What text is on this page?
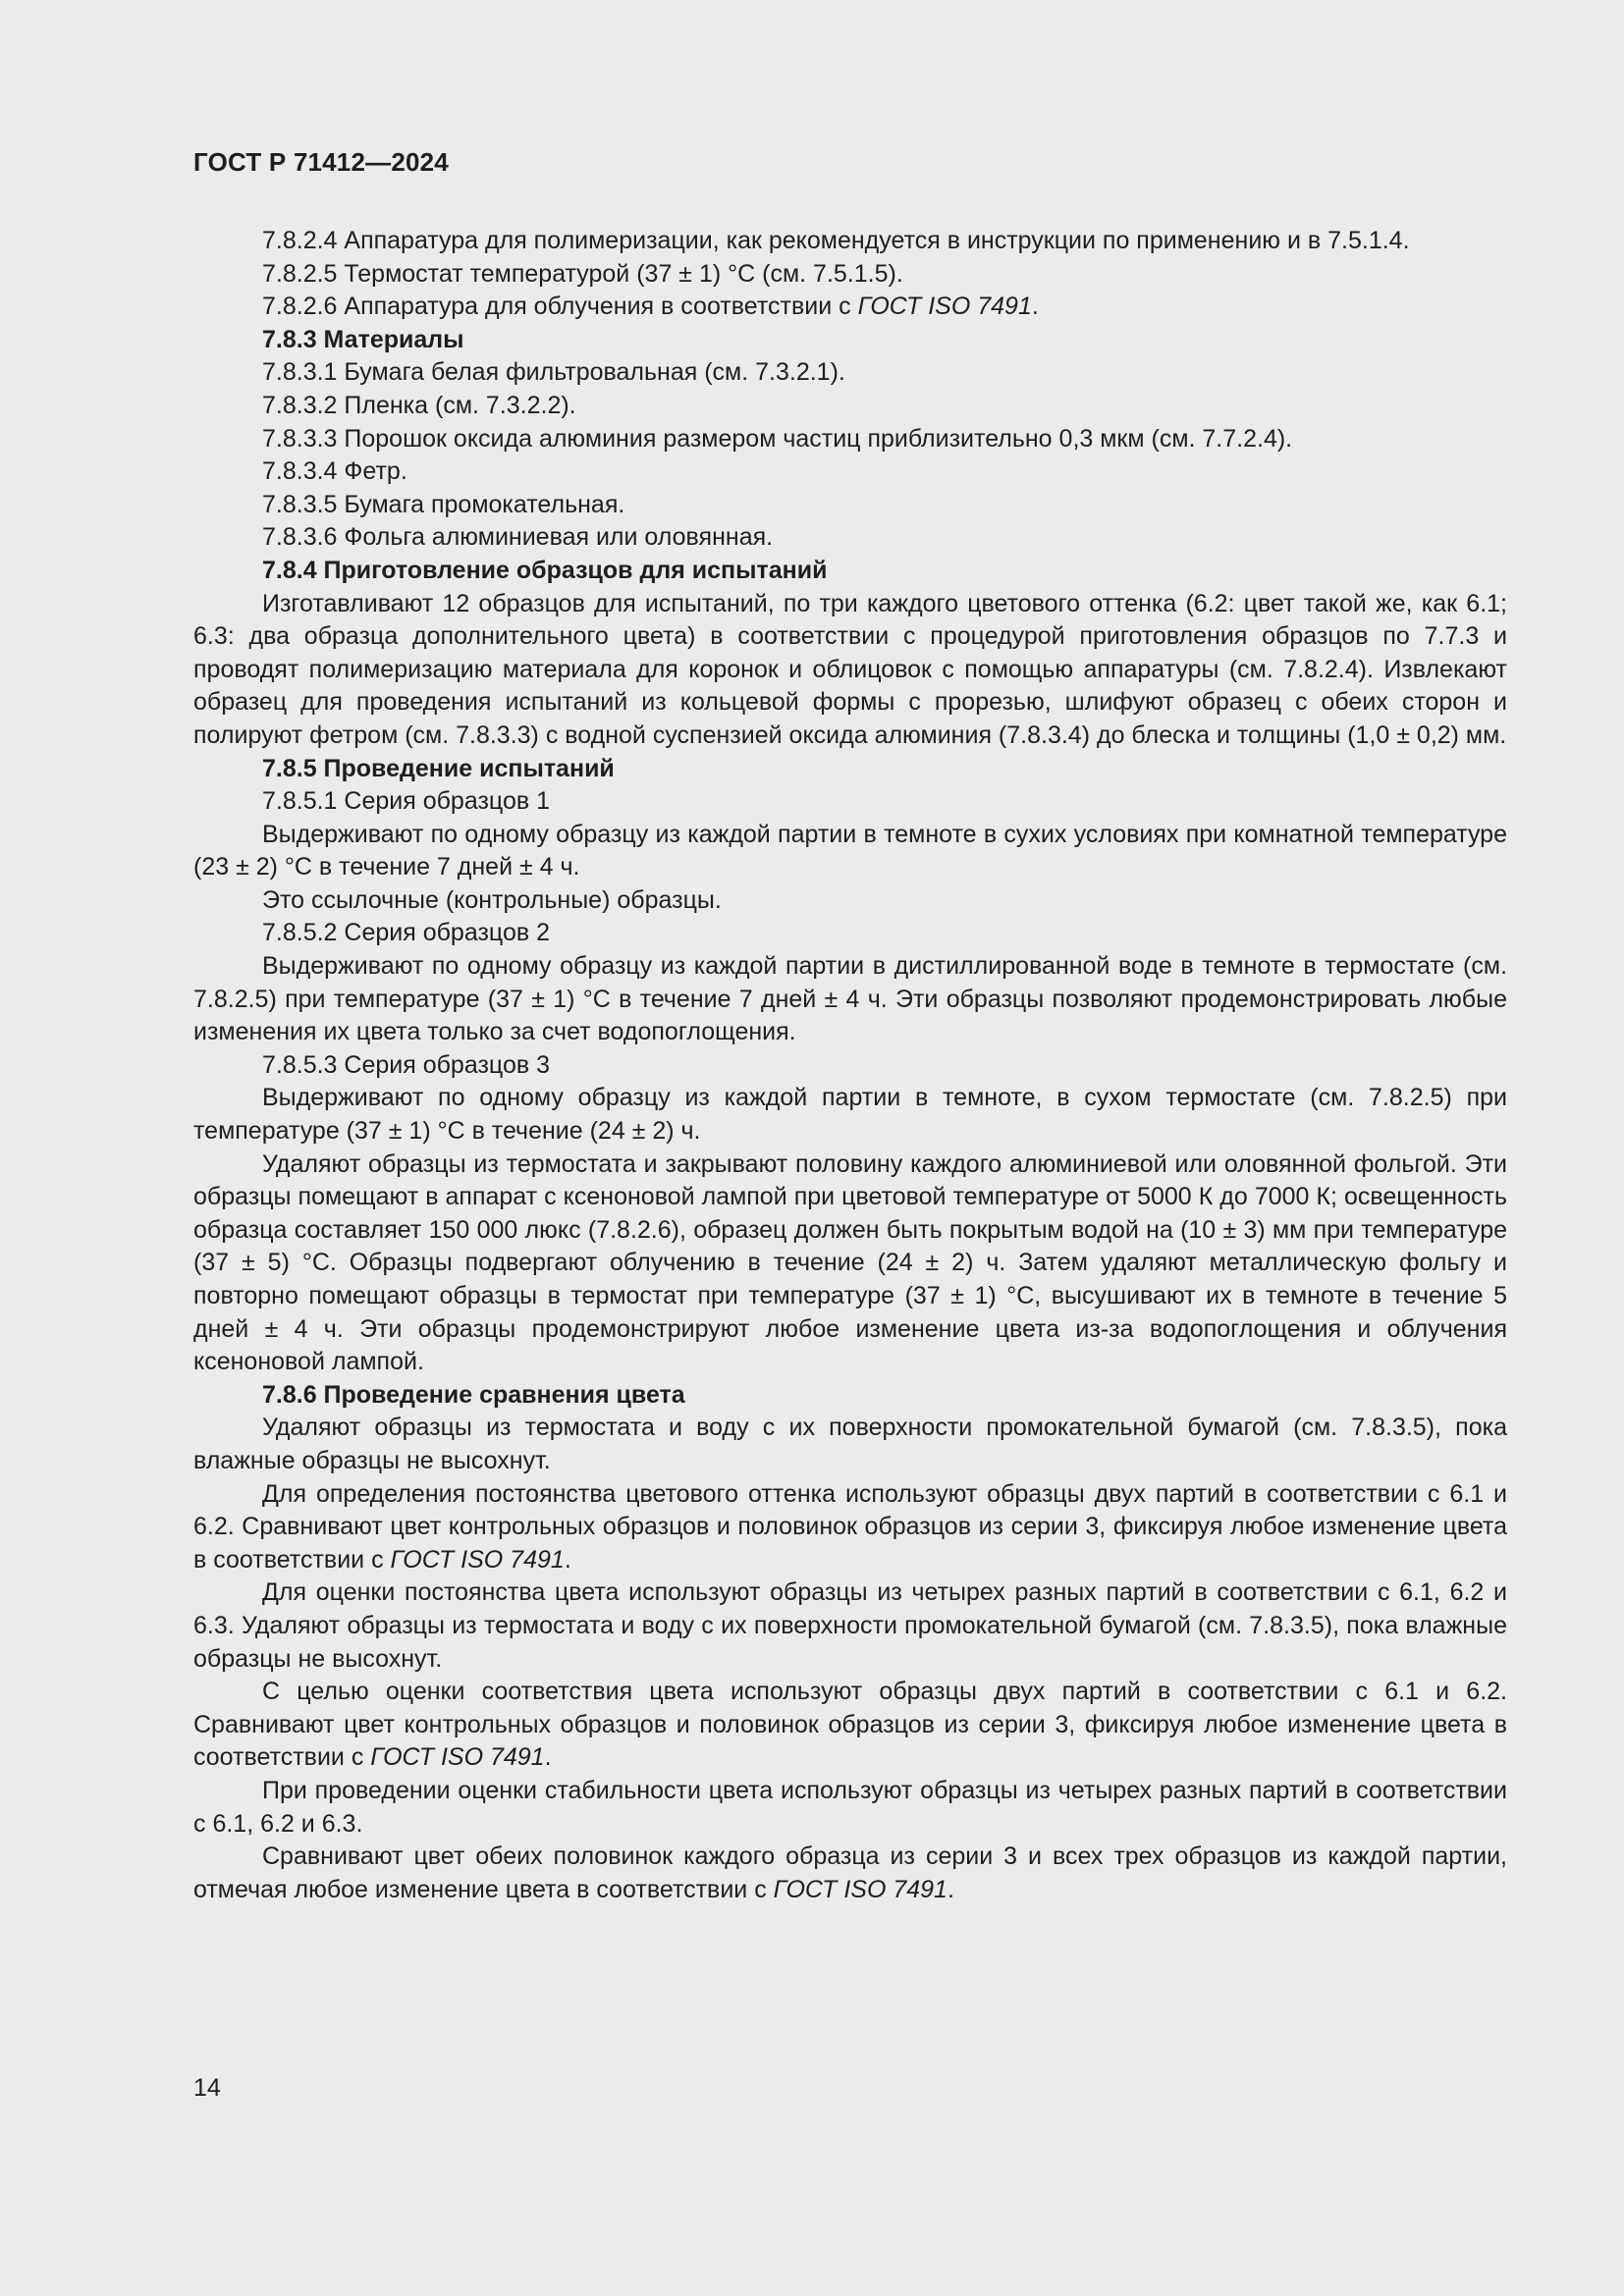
ГОСТ Р 71412—2024

7.8.2.4 Аппаратура для полимеризации, как рекомендуется в инструкции по применению и в 7.5.1.4.

7.8.2.5 Термостат температурой (37 ± 1) °С (см. 7.5.1.5).

7.8.2.6 Аппаратура для облучения в соответствии с ГОСТ ISO 7491.

7.8.3 Материалы

7.8.3.1 Бумага белая фильтровальная (см. 7.3.2.1).

7.8.3.2 Пленка (см. 7.3.2.2).

7.8.3.3 Порошок оксида алюминия размером частиц приблизительно 0,3 мкм (см. 7.7.2.4).

7.8.3.4 Фетр.

7.8.3.5 Бумага промокательная.

7.8.3.6 Фольга алюминиевая или оловянная.

7.8.4 Приготовление образцов для испытаний

Изготавливают 12 образцов для испытаний, по три каждого цветового оттенка (6.2: цвет такой же, как 6.1; 6.3: два образца дополнительного цвета) в соответствии с процедурой приготовления образцов по 7.7.3 и проводят полимеризацию материала для коронок и облицовок с помощью аппаратуры (см. 7.8.2.4). Извлекают образец для проведения испытаний из кольцевой формы с прорезью, шлифуют образец с обеих сторон и полируют фетром (см. 7.8.3.3) с водной суспензией оксида алюминия (7.8.3.4) до блеска и толщины (1,0 ± 0,2) мм.

7.8.5 Проведение испытаний

7.8.5.1 Серия образцов 1

Выдерживают по одному образцу из каждой партии в темноте в сухих условиях при комнатной температуре (23 ± 2) °С в течение 7 дней ± 4 ч.

Это ссылочные (контрольные) образцы.

7.8.5.2 Серия образцов 2

Выдерживают по одному образцу из каждой партии в дистиллированной воде в темноте в термостате (см. 7.8.2.5) при температуре (37 ± 1) °С в течение 7 дней ± 4 ч. Эти образцы позволяют продемонстрировать любые изменения их цвета только за счет водопоглощения.

7.8.5.3 Серия образцов 3

Выдерживают по одному образцу из каждой партии в темноте, в сухом термостате (см. 7.8.2.5) при температуре (37 ± 1) °С в течение (24 ± 2) ч.

Удаляют образцы из термостата и закрывают половину каждого алюминиевой или оловянной фольгой. Эти образцы помещают в аппарат с ксеноновой лампой при цветовой температуре от 5000 К до 7000 К; освещенность образца составляет 150 000 люкс (7.8.2.6), образец должен быть покрытым водой на (10 ± 3) мм при температуре (37 ± 5) °С. Образцы подвергают облучению в течение (24 ± 2) ч. Затем удаляют металлическую фольгу и повторно помещают образцы в термостат при температуре (37 ± 1) °С, высушивают их в темноте в течение 5 дней ± 4 ч. Эти образцы продемонстрируют любое изменение цвета из-за водопоглощения и облучения ксеноновой лампой.

7.8.6 Проведение сравнения цвета

Удаляют образцы из термостата и воду с их поверхности промокательной бумагой (см. 7.8.3.5), пока влажные образцы не высохнут.

Для определения постоянства цветового оттенка используют образцы двух партий в соответствии с 6.1 и 6.2. Сравнивают цвет контрольных образцов и половинок образцов из серии 3, фиксируя любое изменение цвета в соответствии с ГОСТ ISO 7491.

Для оценки постоянства цвета используют образцы из четырех разных партий в соответствии с 6.1, 6.2 и 6.3. Удаляют образцы из термостата и воду с их поверхности промокательной бумагой (см. 7.8.3.5), пока влажные образцы не высохнут.

С целью оценки соответствия цвета используют образцы двух партий в соответствии с 6.1 и 6.2. Сравнивают цвет контрольных образцов и половинок образцов из серии 3, фиксируя любое изменение цвета в соответствии с ГОСТ ISO 7491.

При проведении оценки стабильности цвета используют образцы из четырех разных партий в соответствии с 6.1, 6.2 и 6.3.

Сравнивают цвет обеих половинок каждого образца из серии 3 и всех трех образцов из каждой партии, отмечая любое изменение цвета в соответствии с ГОСТ ISO 7491.

14
